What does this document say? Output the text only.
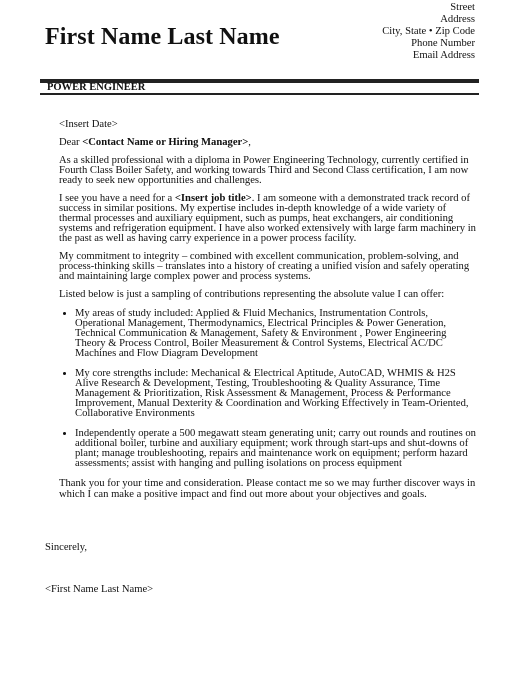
First Name Last Name
Street
Address
City, State • Zip Code
Phone Number
Email Address
POWER ENGINEER

<Insert Date>

Dear <Contact Name or Hiring Manager>,

As a skilled professional with a diploma in Power Engineering Technology, currently certified in Fourth Class Boiler Safety, and working towards Third and Second Class certification, I am now ready to seek new opportunities and challenges.

I see you have a need for a <Insert job title>. I am someone with a demonstrated track record of success in similar positions. My expertise includes in-depth knowledge of a wide variety of thermal processes and auxiliary equipment, such as pumps, heat exchangers, air conditioning systems and refrigeration equipment. I have also worked extensively with large farm machinery in the past as well as having carry experience in a power process facility.

My commitment to integrity – combined with excellent communication, problem-solving, and process-thinking skills – translates into a history of creating a unified vision and safely operating and maintaining large complex power and process systems.

Listed below is just a sampling of contributions representing the absolute value I can offer:

• My areas of study included: Applied & Fluid Mechanics, Instrumentation Controls, Operational Management, Thermodynamics, Electrical Principles & Power Generation, Technical Communication & Management, Safety & Environment , Power Engineering Theory & Process Control, Boiler Measurement & Control Systems, Electrical AC/DC Machines and Flow Diagram Development
• My core strengths include: Mechanical & Electrical Aptitude, AutoCAD, WHMIS & H2S Alive Research & Development, Testing, Troubleshooting & Quality Assurance, Time Management & Prioritization, Risk Assessment & Management, Process & Performance Improvement, Manual Dexterity & Coordination and Working Effectively in Team-Oriented, Collaborative Environments
• Independently operate a 500 megawatt steam generating unit; carry out rounds and routines on additional boiler, turbine and auxiliary equipment; work through start-ups and shut-downs of plant; manage troubleshooting, repairs and maintenance work on equipment; perform hazard assessments; assist with hanging and pulling isolations on process equipment

Thank you for your time and consideration. Please contact me so we may further discover ways in which I can make a positive impact and find out more about your objectives and goals.

Sincerely,
<First Name Last Name>
